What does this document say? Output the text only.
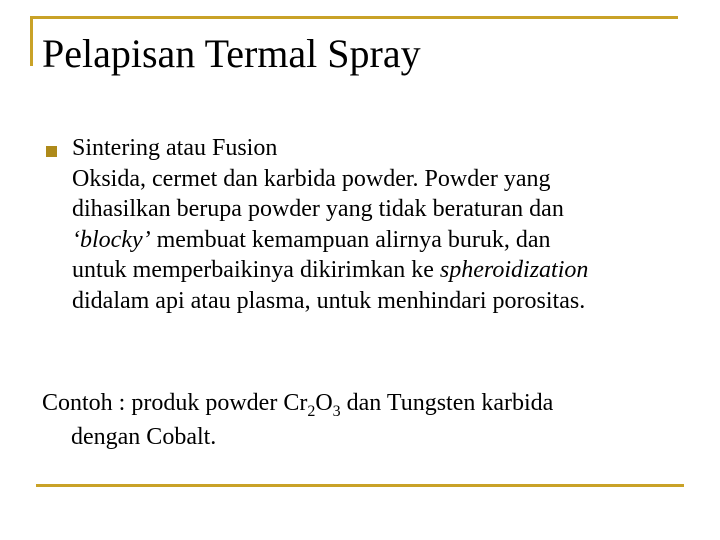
Pelapisan Termal Spray
Sintering atau Fusion
Oksida, cermet dan karbida powder. Powder yang
dihasilkan berupa powder yang tidak beraturan dan
‘blocky’ membuat kemampuan alirnya buruk, dan
untuk memperbaikinya dikirimkan ke spheroidization
didalam api atau plasma, untuk menhindari porositas.
Contoh : produk powder $Cr_2O_3$ dan Tungsten karbida
dengan Cobalt.
